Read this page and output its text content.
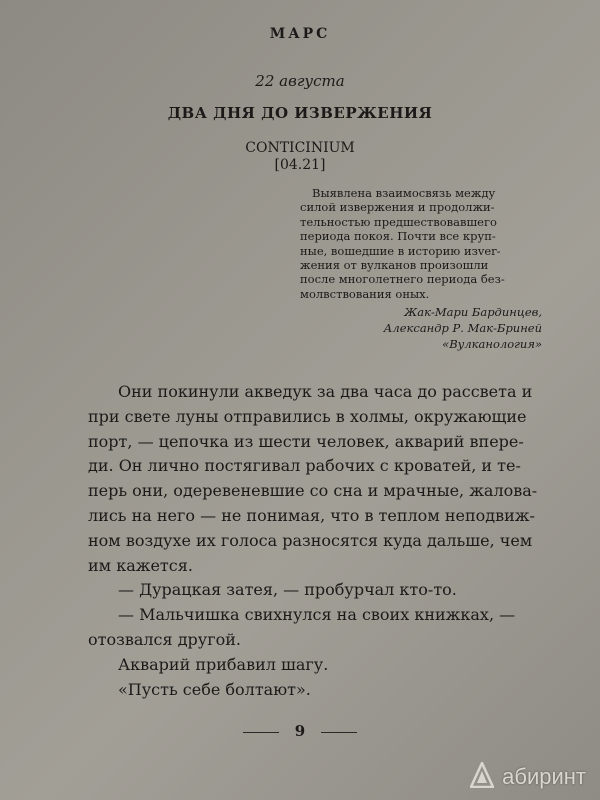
МАРС
22 августа
ДВА ДНЯ ДО ИЗВЕРЖЕНИЯ
CONTICINIUM
[04.21]
Выявлена взаимосвязь между
силой извержения и продолжи-
тельностью предшествовавшего
периода покоя. Почти все круп-
ные, вошедшие в историю изver-
жения от вулканов произошли
после многолетнего периода без-
молвствования оных.
Жак-Мари Бардинцев,
Александр Р. Мак-Бриней
«Вулканология»
Они покинули акведук за два часа до рассвета и
при свете луны отправились в холмы, окружающие
порт, — цепочка из шести человек, акварий впере-
ди. Он лично постягивал рабочих с кроватей, и те-
перь они, одеревеневшие со сна и мрачные, жалова-
лись на него — не понимая, что в теплом неподвиж-
ном воздухе их голоса разносятся куда дальше, чем
им кажется.
— Дурацкая затея, — пробурчал кто-то.
— Мальчишка свихнулся на своих книжках, —
отозвался другой.
Акварий прибавил шагу.
«Пусть себе болтают».
9
абиринт
